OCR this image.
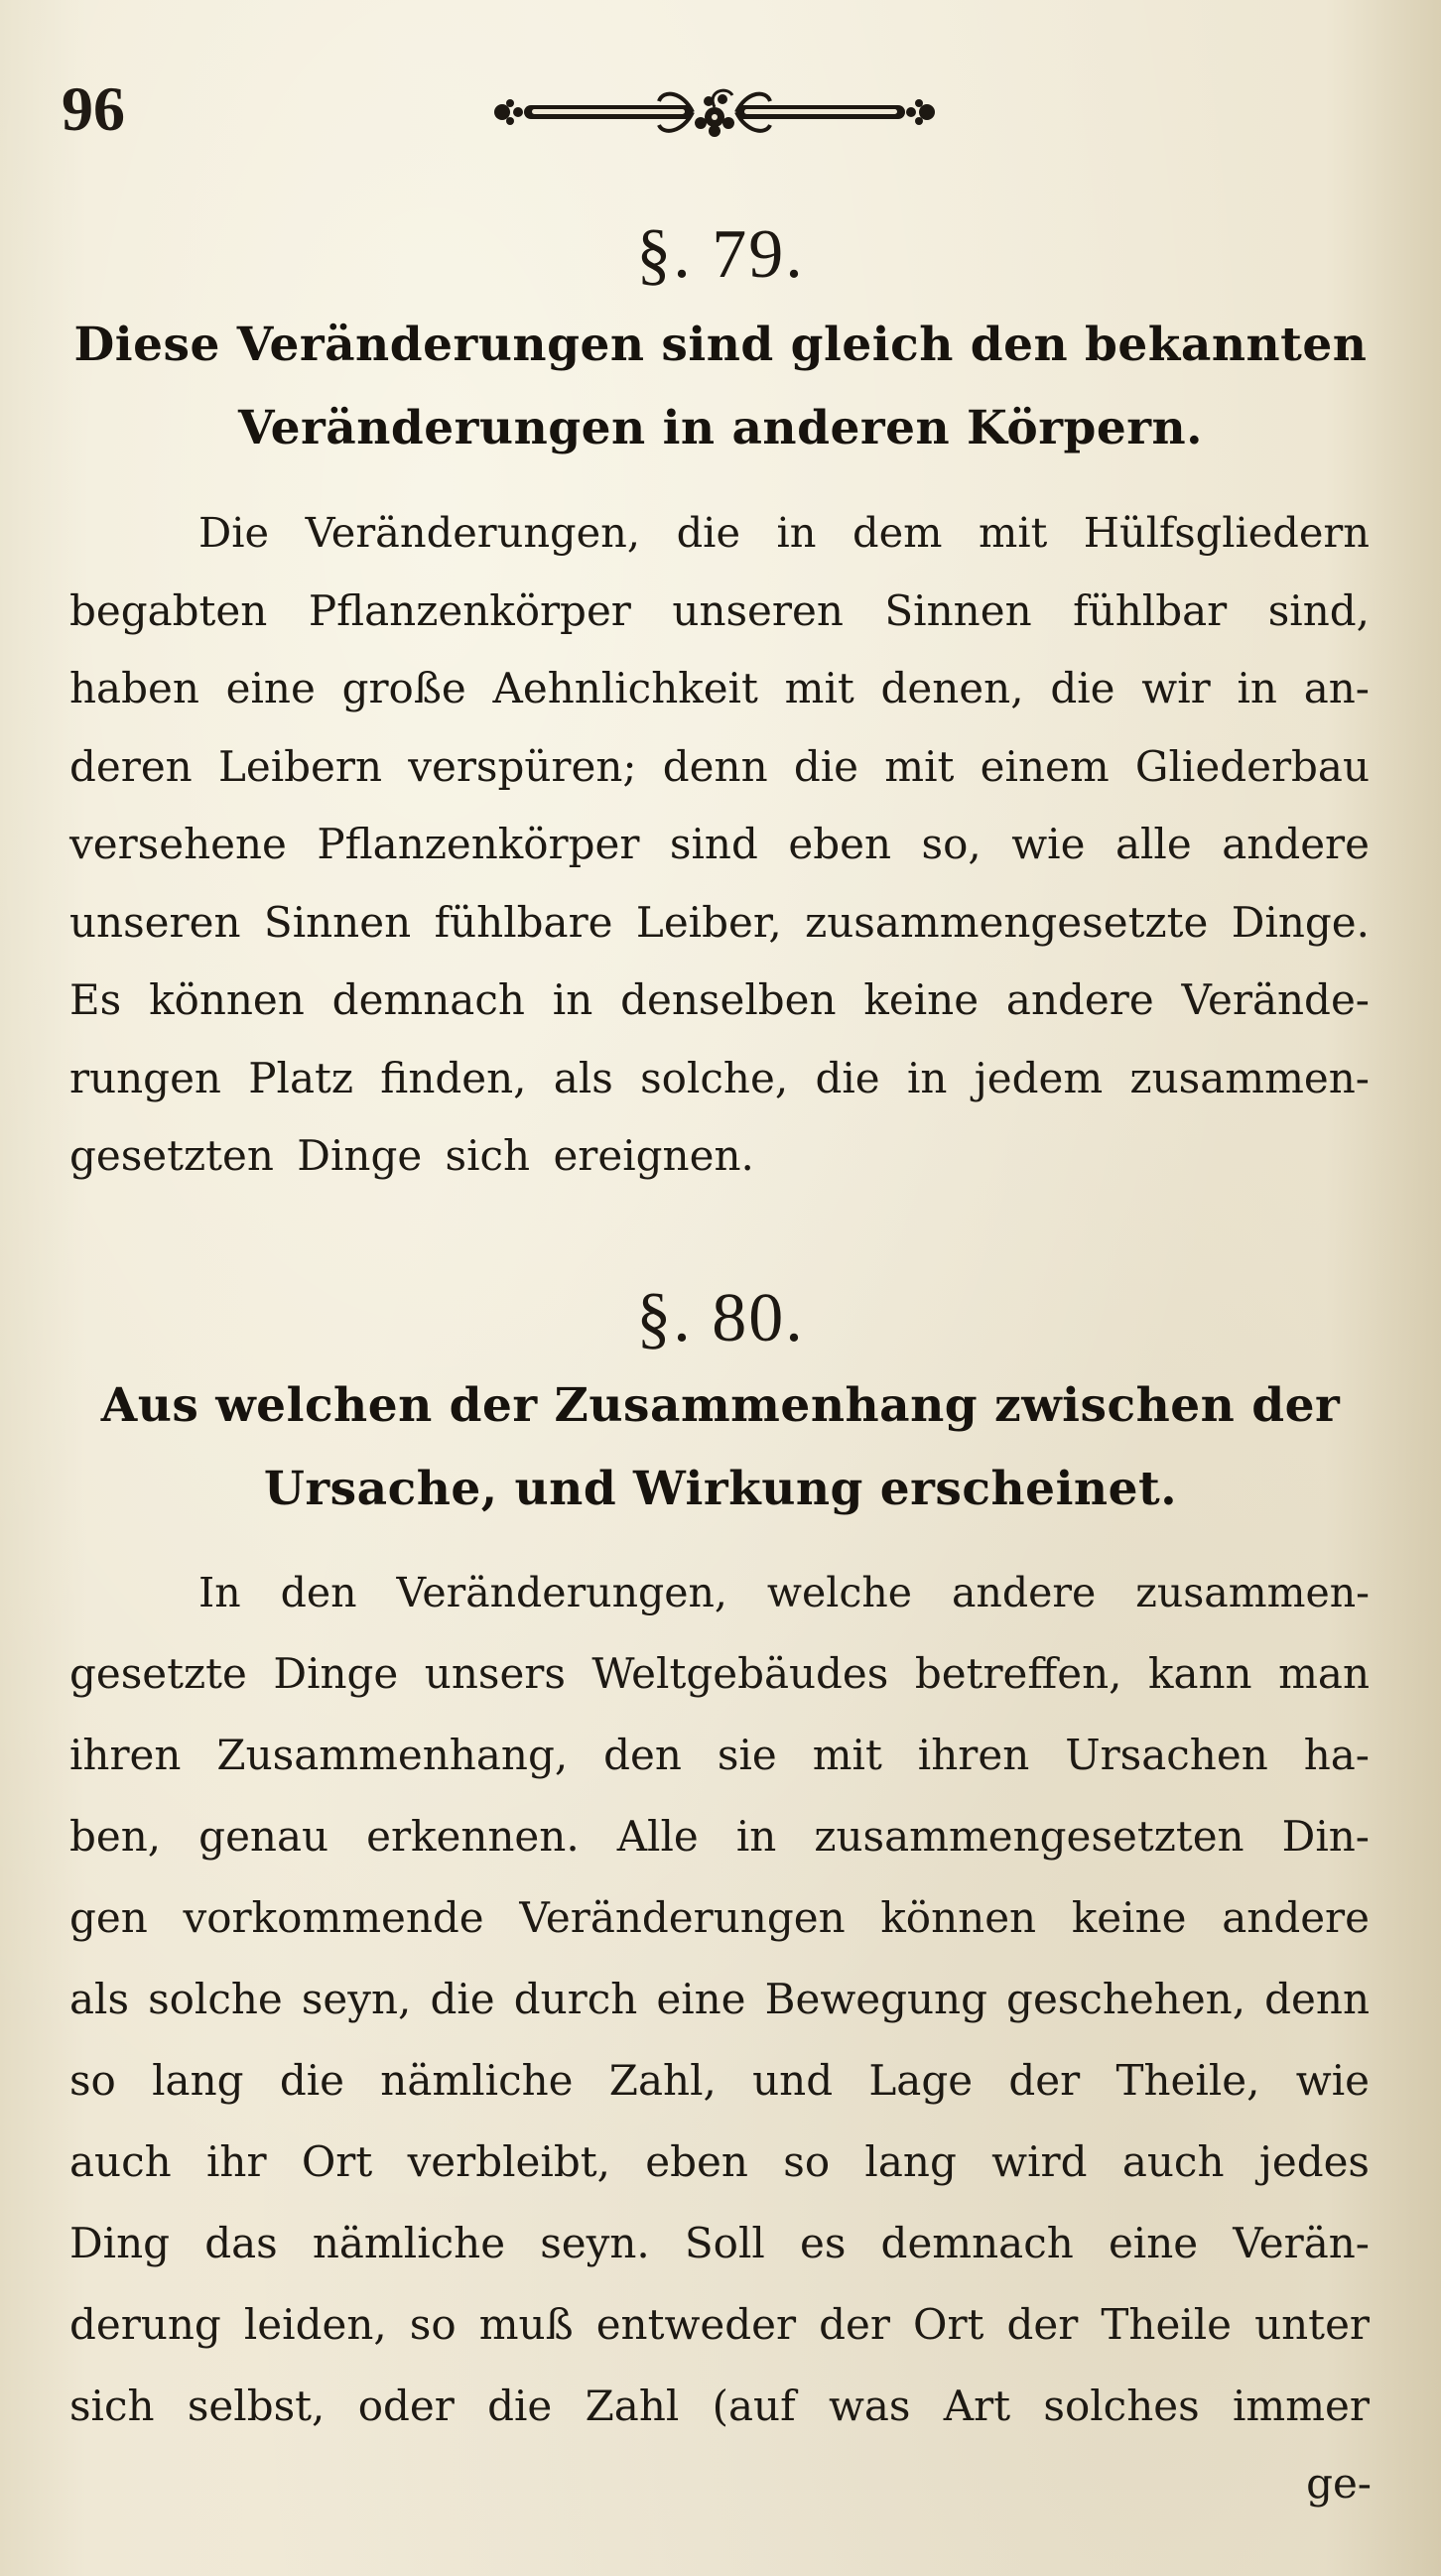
96
§. 79.
Diese Veränderungen sind gleich den bekannten
Veränderungen in anderen Körpern.
Die Veränderungen, die in dem mit Hülfsgliedern
begabten Pflanzenkörper unseren Sinnen fühlbar sind,
haben eine große Aehnlichkeit mit denen, die wir in an-
deren Leibern verspüren; denn die mit einem Gliederbau
versehene Pflanzenkörper sind eben so, wie alle andere
unseren Sinnen fühlbare Leiber, zusammengesetzte Dinge.
Es können demnach in denselben keine andere Verände-
rungen Platz finden, als solche, die in jedem zusammen-
gesetzten Dinge sich ereignen.
§. 80.
Aus welchen der Zusammenhang zwischen der
Ursache, und Wirkung erscheinet.
In den Veränderungen, welche andere zusammen-
gesetzte Dinge unsers Weltgebäudes betreffen, kann man
ihren Zusammenhang, den sie mit ihren Ursachen ha-
ben, genau erkennen. Alle in zusammengesetzten Din-
gen vorkommende Veränderungen können keine andere
als solche seyn, die durch eine Bewegung geschehen, denn
so lang die nämliche Zahl, und Lage der Theile, wie
auch ihr Ort verbleibt, eben so lang wird auch jedes
Ding das nämliche seyn. Soll es demnach eine Verän-
derung leiden, so muß entweder der Ort der Theile unter
sich selbst, oder die Zahl (auf was Art solches immer
ge-
